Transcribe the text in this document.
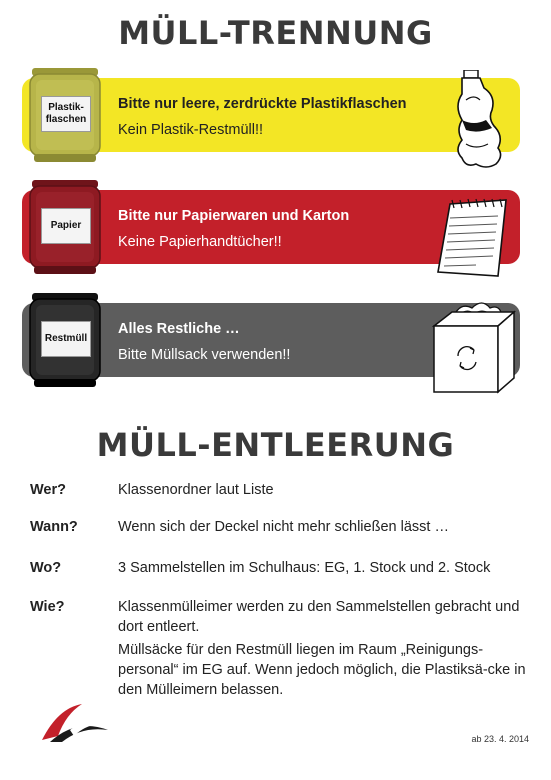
MÜLL-TRENNUNG
Bitte nur leere, zerdrückte Plastikflaschen
Kein Plastik-Restmüll!!
Plastik-
flaschen
Bitte nur Papierwaren und Karton
Keine Papierhandtücher!!
Papier
Alles Restliche …
Bitte Müllsack verwenden!!
Restmüll
MÜLL-ENTLEERUNG
Wer?	Klassenordner laut Liste
Wann?	Wenn sich der Deckel nicht mehr schließen lässt …
Wo?	3 Sammelstellen im Schulhaus: EG, 1. Stock und 2. Stock
Wie?	Klassenmülleimer werden zu den Sammelstellen gebracht und dort entleert.
Müllsäcke für den Restmüll liegen im Raum „Reinigungs-personal“ im EG auf. Wenn jedoch möglich, die Plastiksä-cke in den Mülleimern belassen.
ab 23. 4. 2014
